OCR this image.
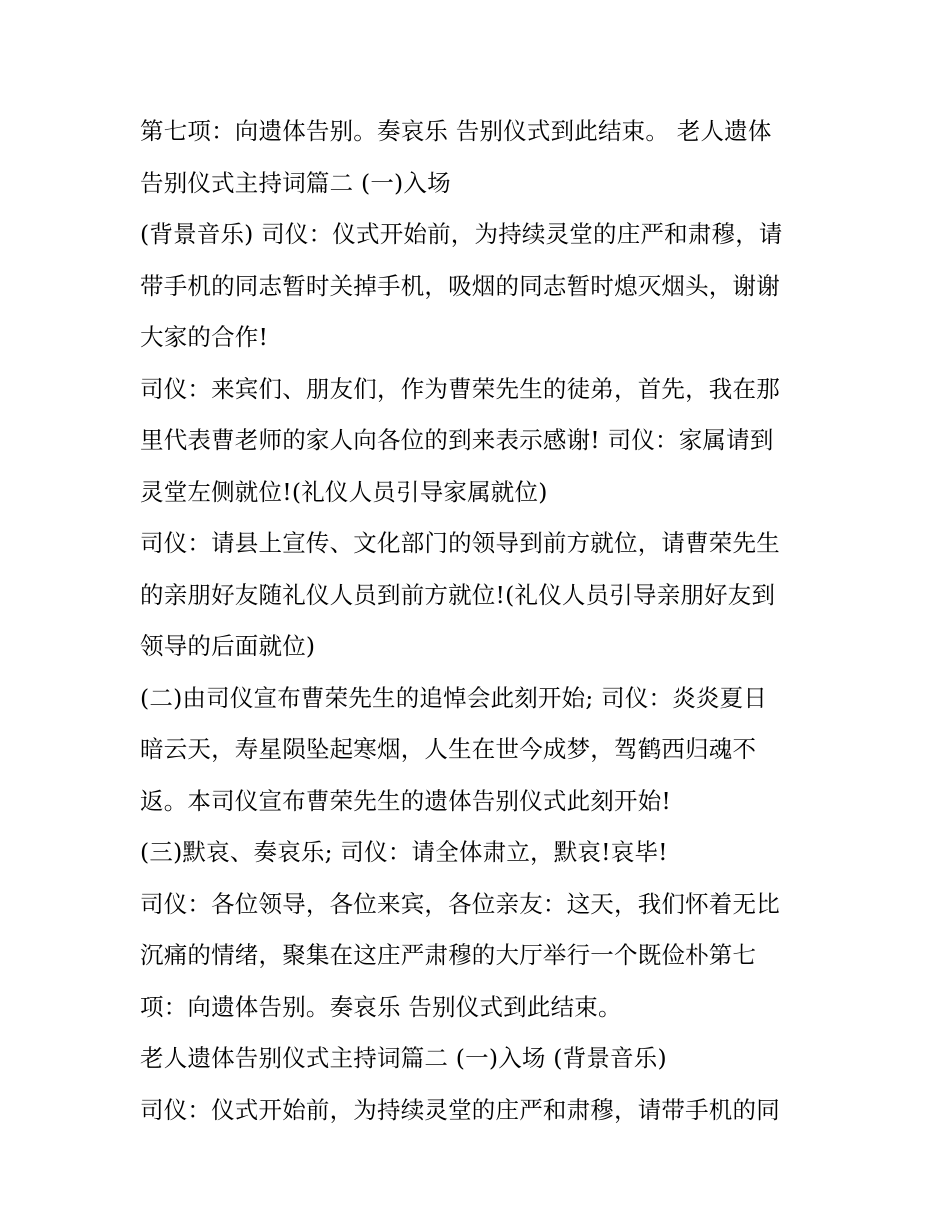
第七项：向遗体告别。奏哀乐 告别仪式到此结束。 老人遗体
告别仪式主持词篇二 (一)入场
(背景音乐) 司仪：仪式开始前，为持续灵堂的庄严和肃穆，请
带手机的同志暂时关掉手机，吸烟的同志暂时熄灭烟头，谢谢
大家的合作!
司仪：来宾们、朋友们，作为曹荣先生的徒弟，首先，我在那
里代表曹老师的家人向各位的到来表示感谢! 司仪：家属请到
灵堂左侧就位!(礼仪人员引导家属就位)
司仪：请县上宣传、文化部门的领导到前方就位，请曹荣先生
的亲朋好友随礼仪人员到前方就位!(礼仪人员引导亲朋好友到
领导的后面就位)
(二)由司仪宣布曹荣先生的追悼会此刻开始; 司仪：炎炎夏日
暗云天，寿星陨坠起寒烟，人生在世今成梦，驾鹤西归魂不
返。本司仪宣布曹荣先生的遗体告别仪式此刻开始!
(三)默哀、奏哀乐; 司仪：请全体肃立，默哀!哀毕!
司仪：各位领导，各位来宾，各位亲友：这天，我们怀着无比
沉痛的情绪，聚集在这庄严肃穆的大厅举行一个既俭朴第七
项：向遗体告别。奏哀乐 告别仪式到此结束。
老人遗体告别仪式主持词篇二 (一)入场 (背景音乐)
司仪：仪式开始前，为持续灵堂的庄严和肃穆，请带手机的同
